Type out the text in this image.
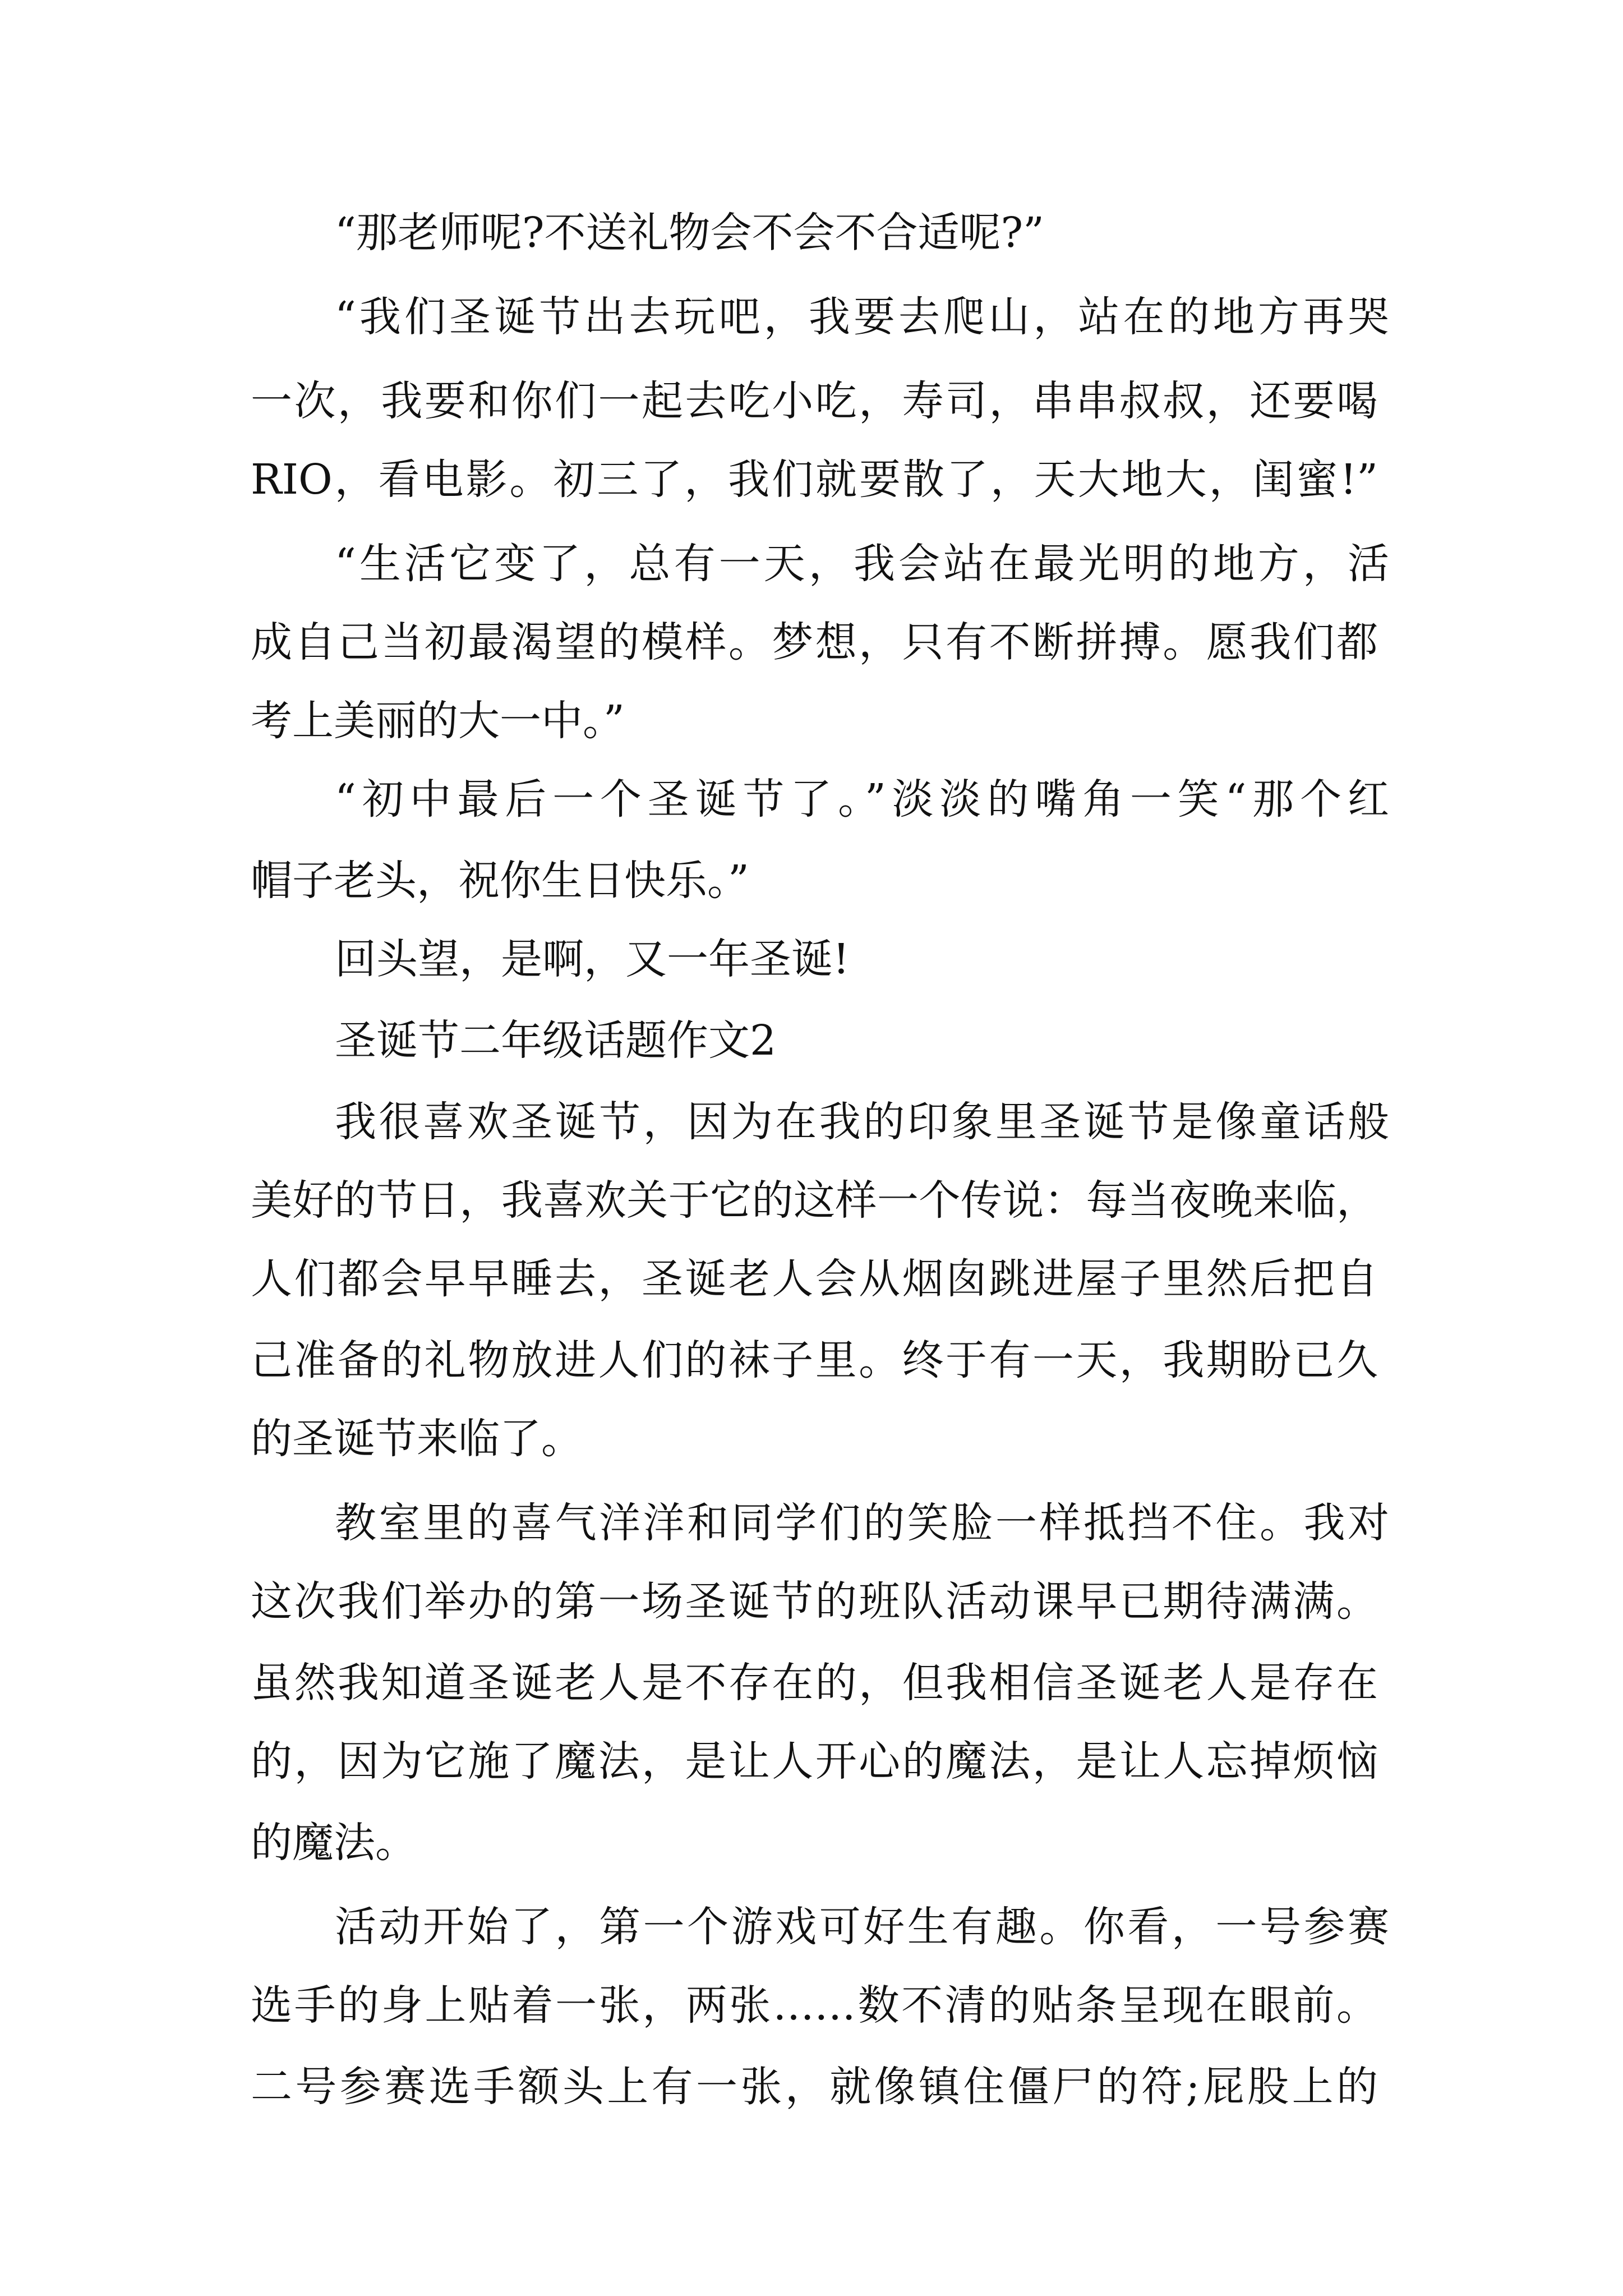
“那老师呢?不送礼物会不会不合适呢?”
“我们圣诞节出去玩吧，我要去爬山，站在的地方再哭
一次，我要和你们一起去吃小吃，寿司，串串叔叔，还要喝
RIO，看电影。初三了，我们就要散了，天大地大，闺蜜!”
“生活它变了，总有一天，我会站在最光明的地方，活
成自己当初最渴望的模样。梦想，只有不断拼搏。愿我们都
考上美丽的大一中。”
“初中最后一个圣诞节了。”淡淡的嘴角一笑“那个红
帽子老头，祝你生日快乐。”
回头望，是啊，又一年圣诞!
圣诞节二年级话题作文2
我很喜欢圣诞节，因为在我的印象里圣诞节是像童话般
美好的节日，我喜欢关于它的这样一个传说：每当夜晚来临，
人们都会早早睡去，圣诞老人会从烟囱跳进屋子里然后把自
己准备的礼物放进人们的袜子里。终于有一天，我期盼已久
的圣诞节来临了。
教室里的喜气洋洋和同学们的笑脸一样抵挡不住。我对
这次我们举办的第一场圣诞节的班队活动课早已期待满满。
虽然我知道圣诞老人是不存在的，但我相信圣诞老人是存在
的，因为它施了魔法，是让人开心的魔法，是让人忘掉烦恼
的魔法。
活动开始了，第一个游戏可好生有趣。你看，一号参赛
选手的身上贴着一张，两张……数不清的贴条呈现在眼前。
二号参赛选手额头上有一张，就像镇住僵尸的符;屁股上的
